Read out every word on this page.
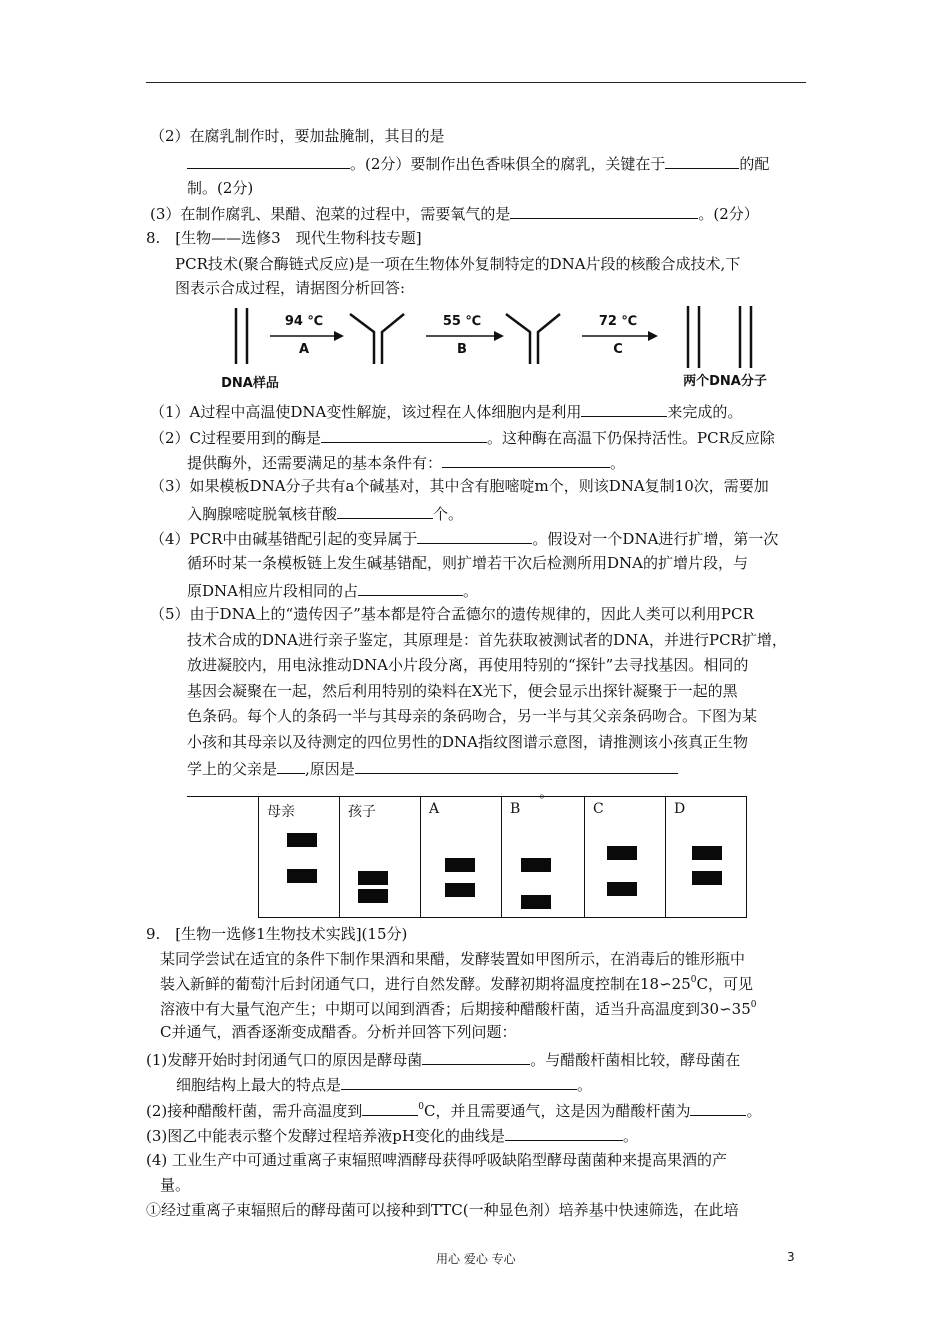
（2）在腐乳制作时，要加盐腌制，其目的是
。(2分）要制作出色香味俱全的腐乳，关键在于	的配
制。(2分)
(3）在制作腐乳、果醋、泡菜的过程中，需要氧气的是	。(2分）
8.　[生物——选修3　现代生物科技专题]
PCR技术(聚合酶链式反应)是一项在生物体外复制特定的DNA片段的核酸合成技术,下
图表示合成过程，请据图分析回答:
94 ℃
A
55 ℃
B
72 ℃
C
DNA样品	两个DNA分子
（1）A过程中高温使DNA变性解旋，该过程在人体细胞内是利用	来完成的。
（2）C过程要用到的酶是	。这种酶在高温下仍保持活性。PCR反应除
提供酶外，还需要满足的基本条件有：	。
（3）如果模板DNA分子共有a个碱基对，其中含有胞嘧啶m个，则该DNA复制10次，需要加
入胸腺嘧啶脱氧核苷酸	个。
（4）PCR中由碱基错配引起的变异属于	。假设对一个DNA进行扩增，第一次
循环时某一条模板链上发生碱基错配，则扩增若干次后检测所用DNA的扩增片段，与
原DNA相应片段相同的占	。
（5）由于DNA上的“遗传因子”基本都是符合孟德尔的遗传规律的，因此人类可以利用PCR
技术合成的DNA进行亲子鉴定，其原理是：首先获取被测试者的DNA，并进行PCR扩增，
放进凝胶内，用电泳推动DNA小片段分离，再使用特别的“探针”去寻找基因。相同的
基因会凝聚在一起，然后利用特别的染料在X光下，便会显示出探针凝聚于一起的黑
色条码。每个人的条码一半与其母亲的条码吻合，另一半与其父亲条码吻合。下图为某
小孩和其母亲以及待测定的四位男性的DNA指纹图谱示意图，请推测该小孩真正生物
学上的父亲是 ,原因是
。
母亲	孩子	A	B	C	D
9.　[生物一选修1生物技术实践](15分)
某同学尝试在适宜的条件下制作果酒和果醋，发酵装置如甲图所示，在消毒后的锥形瓶中
装入新鲜的葡萄汁后封闭通气口，进行自然发酵。发酵初期将温度控制在$18∽25^0C$，可见
溶液中有大量气泡产生；中期可以闻到酒香；后期接种醋酸杆菌，适当升高温度到$30∽35^0$
C并通气，酒香逐渐变成醋香。分析并回答下列问题：
(1)发酵开始时封闭通气口的原因是酵母菌	。与醋酸杆菌相比较，酵母菌在
细胞结构上最大的特点是	。
(2)接种醋酸杆菌，需升高温度到	$^0$C，并且需要通气，这是因为醋酸杆菌为	。
(3)图乙中能表示整个发酵过程培养液pH变化的曲线是	。
(4) 工业生产中可通过重离子束辐照啤酒酵母获得呼吸缺陷型酵母菌菌种来提高果酒的产
量。
①经过重离子束辐照后的酵母菌可以接种到TTC(一种显色剂）培养基中快速筛选，在此培
用心 爱心 专心	3
